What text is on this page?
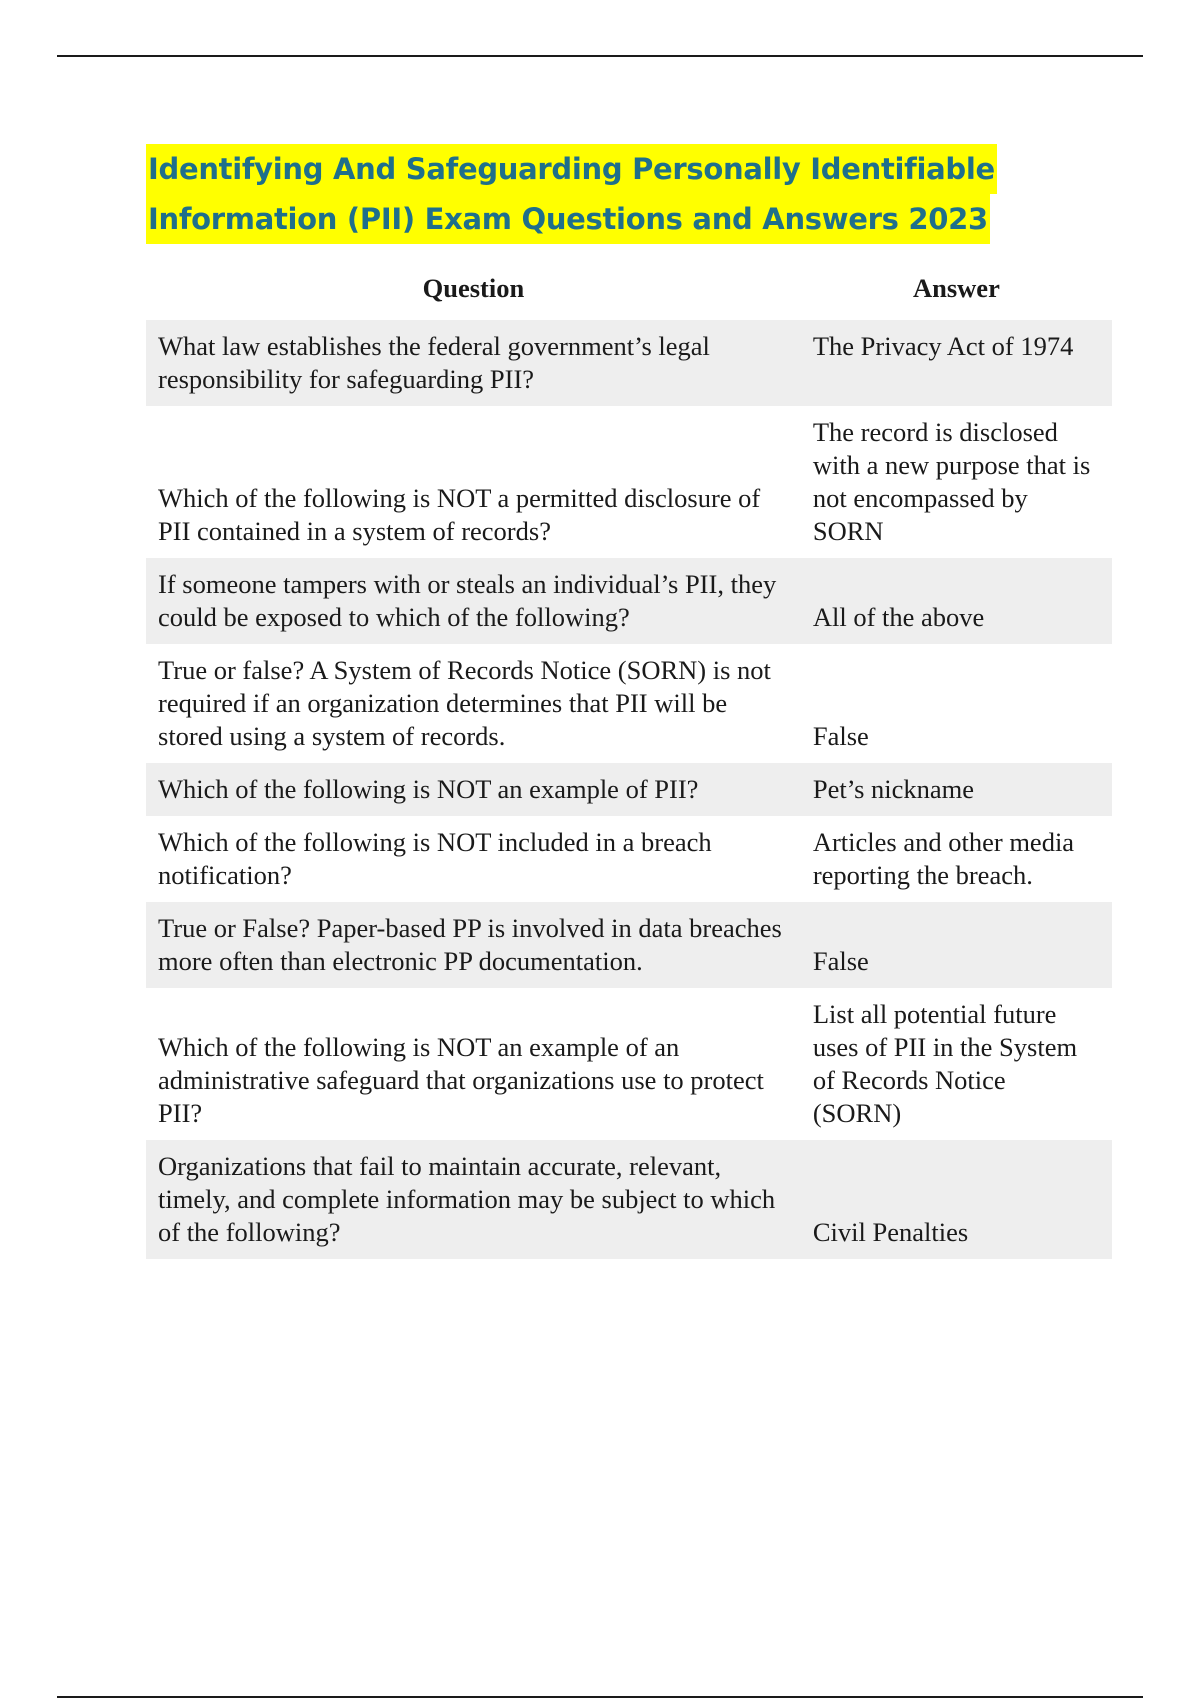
Identifying And Safeguarding Personally Identifiable
Information (PII) Exam Questions and Answers 2023
Question	Answer
What law establishes the federal government’s legal responsibility for safeguarding PII?	The Privacy Act of 1974
Which of the following is NOT a permitted disclosure of PII contained in a system of records?	The record is disclosed with a new purpose that is not encompassed by SORN
If someone tampers with or steals an individual’s PII, they could be exposed to which of the following?	All of the above
True or false? A System of Records Notice (SORN) is not required if an organization determines that PII will be stored using a system of records.	False
Which of the following is NOT an example of PII?	Pet’s nickname
Which of the following is NOT included in a breach notification?	Articles and other media reporting the breach.
True or False? Paper-based PP is involved in data breaches more often than electronic PP documentation.	False
Which of the following is NOT an example of an administrative safeguard that organizations use to protect PII?	List all potential future uses of PII in the System of Records Notice (SORN)
Organizations that fail to maintain accurate, relevant, timely, and complete information may be subject to which of the following?	Civil Penalties
